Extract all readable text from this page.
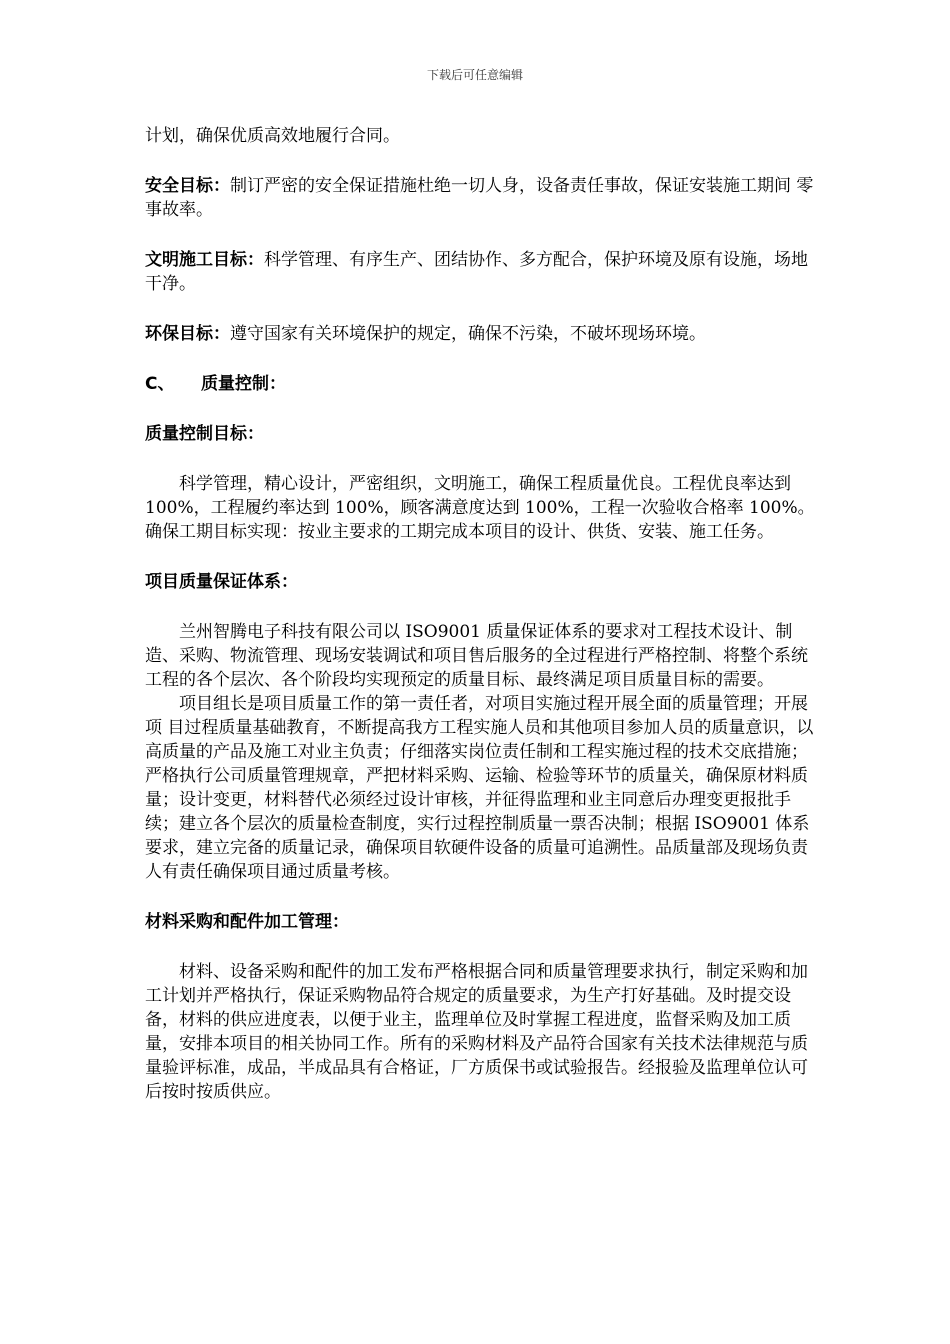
下载后可任意编辑

计划，确保优质高效地履行合同。

安全目标：制订严密的安全保证措施杜绝一切人身，设备责任事故，保证安装施工期间 零事故率。

文明施工目标：科学管理、有序生产、团结协作、多方配合，保护环境及原有设施，场地干净。

环保目标：遵守国家有关环境保护的规定，确保不污染，不破坏现场环境。

C、 质量控制：

质量控制目标：

科学管理，精心设计，严密组织，文明施工，确保工程质量优良。工程优良率达到100%，工程履约率达到 100%，顾客满意度达到 100%，工程一次验收合格率 100%。确保工期目标实现：按业主要求的工期完成本项目的设计、供货、安装、施工任务。

项目质量保证体系：

兰州智腾电子科技有限公司以 ISO9001 质量保证体系的要求对工程技术设计、制造、采购、物流管理、现场安装调试和项目售后服务的全过程进行严格控制、将整个系统工程的各个层次、各个阶段均实现预定的质量目标、最终满足项目质量目标的需要。

项目组长是项目质量工作的第一责任者，对项目实施过程开展全面的质量管理；开展项 目过程质量基础教育，不断提高我方工程实施人员和其他项目参加人员的质量意识，以高质量的产品及施工对业主负责；仔细落实岗位责任制和工程实施过程的技术交底措施；严格执行公司质量管理规章，严把材料采购、运输、检验等环节的质量关，确保原材料质量；设计变更，材料替代必须经过设计审核，并征得监理和业主同意后办理变更报批手续；建立各个层次的质量检查制度，实行过程控制质量一票否决制；根据 ISO9001 体系要求，建立完备的质量记录，确保项目软硬件设备的质量可追溯性。品质量部及现场负责人有责任确保项目通过质量考核。

材料采购和配件加工管理：

材料、设备采购和配件的加工发布严格根据合同和质量管理要求执行，制定采购和加工计划并严格执行，保证采购物品符合规定的质量要求，为生产打好基础。及时提交设备，材料的供应进度表，以便于业主，监理单位及时掌握工程进度，监督采购及加工质量，安排本项目的相关协同工作。所有的采购材料及产品符合国家有关技术法律规范与质量验评标准，成品，半成品具有合格证，厂方质保书或试验报告。经报验及监理单位认可后按时按质供应。
